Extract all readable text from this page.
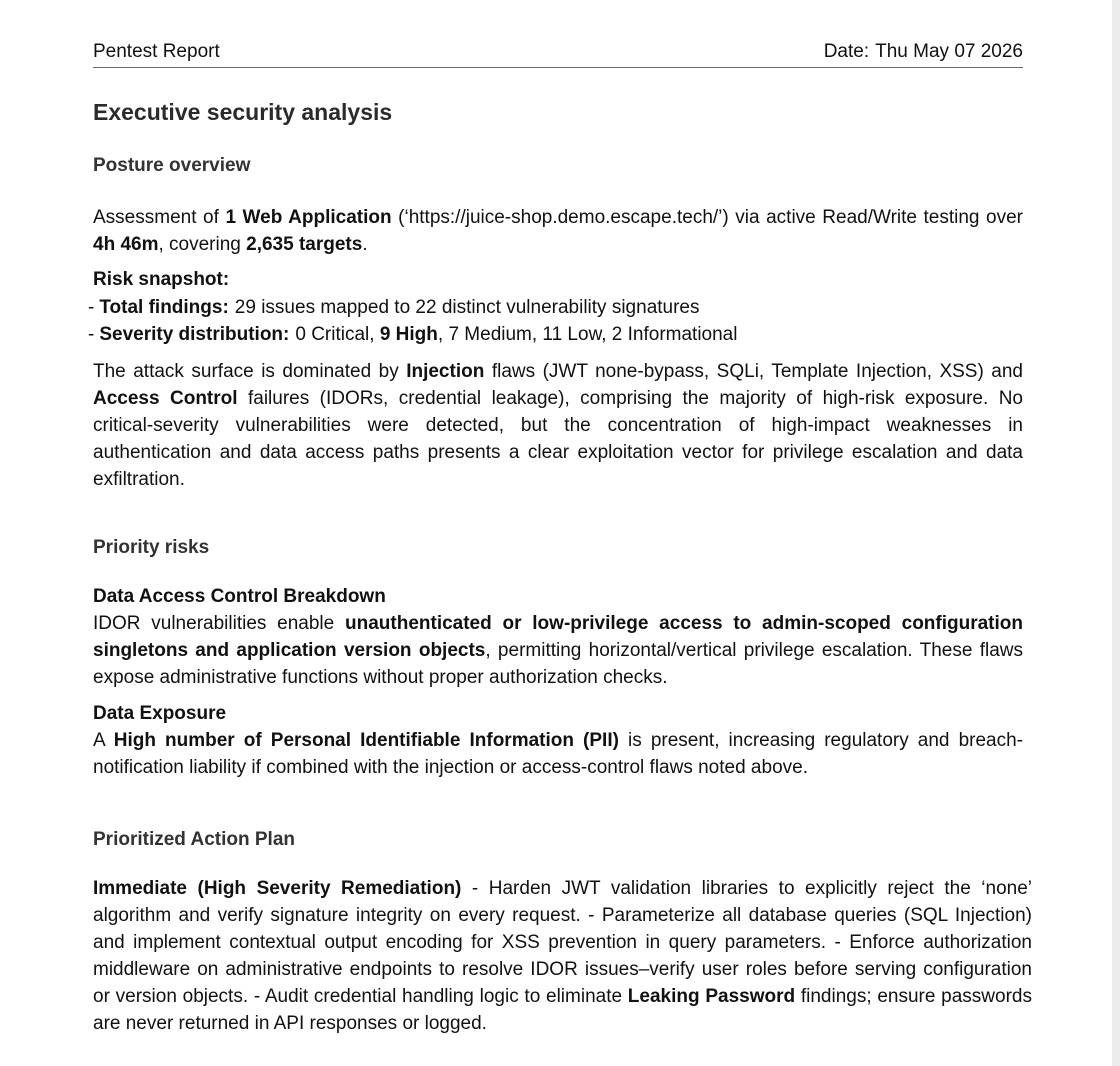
Pentest Report	Date: Thu May 07 2026
Executive security analysis
Posture overview

Assessment of 1 Web Application (‘https://juice-shop.demo.escape.tech/’) via active Read/Write testing over 4h 46m, covering 2,635 targets.

Risk snapshot:
- Total findings: 29 issues mapped to 22 distinct vulnerability signatures
- Severity distribution: 0 Critical, 9 High, 7 Medium, 11 Low, 2 Informational

The attack surface is dominated by Injection flaws (JWT none-bypass, SQLi, Template Injection, XSS) and Access Control failures (IDORs, credential leakage), comprising the majority of high-risk exposure. No critical-severity vulnerabilities were detected, but the concentration of high-impact weaknesses in authentication and data access paths presents a clear exploitation vector for privilege escalation and data exfiltration.

Priority risks
Data Access Control Breakdown

IDOR vulnerabilities enable unauthenticated or low-privilege access to admin-scoped configuration singletons and application version objects, permitting horizontal/vertical privilege escalation. These flaws expose administrative functions without proper authorization checks.

Data Exposure

A High number of Personal Identifiable Information (PII) is present, increasing regulatory and breach-notification liability if combined with the injection or access-control flaws noted above.

Prioritized Action Plan

Immediate (High Severity Remediation) - Harden JWT validation libraries to explicitly reject the ‘none’ algorithm and verify signature integrity on every request. - Parameterize all database queries (SQL Injection) and implement contextual output encoding for XSS prevention in query parameters. - Enforce authorization middleware on administrative endpoints to resolve IDOR issues–verify user roles before serving configuration or version objects. - Audit credential handling logic to eliminate Leaking Password findings; ensure passwords are never returned in API responses or logged.
